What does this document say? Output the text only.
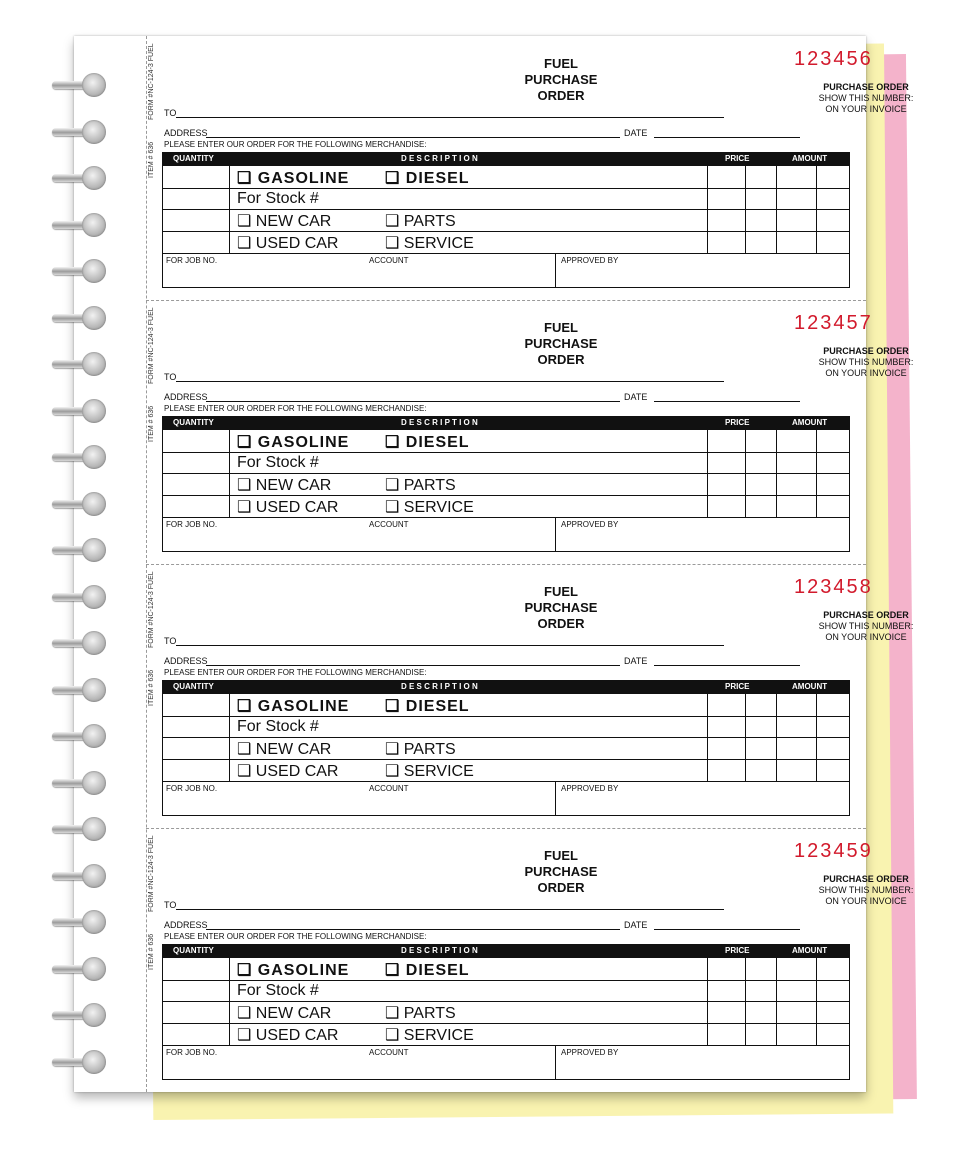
FUEL
PURCHASE
ORDER
123456
PURCHASE ORDER
SHOW THIS NUMBER:
ON YOUR INVOICE
TO
ADDRESS	DATE
PLEASE ENTER OUR ORDER FOR THE FOLLOWING MERCHANDISE:
FORM #NC-124-3 FUEL
ITEM # 636 QUANTITY	D E S C R I P T I O N	PRICE	AMOUNT
❑ GASOLINE ❑ DIESEL
For Stock #
❑ NEW CAR	❑ PARTS
❑ USED CAR	❑ SERVICE
FOR JOB NO.	ACCOUNT	APPROVED BY
FUEL
PURCHASE
ORDER
123457
PURCHASE ORDER
SHOW THIS NUMBER:
ON YOUR INVOICE
TO
ADDRESS	DATE
PLEASE ENTER OUR ORDER FOR THE FOLLOWING MERCHANDISE:
FORM #NC-124-3 FUEL
ITEM # 636 QUANTITY	D E S C R I P T I O N	PRICE	AMOUNT
❑ GASOLINE ❑ DIESEL
For Stock #
❑ NEW CAR	❑ PARTS
❑ USED CAR	❑ SERVICE
FOR JOB NO.	ACCOUNT	APPROVED BY
FUEL
PURCHASE
ORDER
123458
PURCHASE ORDER
SHOW THIS NUMBER:
ON YOUR INVOICE
TO
ADDRESS	DATE
PLEASE ENTER OUR ORDER FOR THE FOLLOWING MERCHANDISE:
FORM #NC-124-3 FUEL
ITEM # 636 QUANTITY	D E S C R I P T I O N	PRICE	AMOUNT
❑ GASOLINE ❑ DIESEL
For Stock #
❑ NEW CAR	❑ PARTS
❑ USED CAR	❑ SERVICE
FOR JOB NO.	ACCOUNT	APPROVED BY
FUEL
PURCHASE
ORDER
123459
PURCHASE ORDER
SHOW THIS NUMBER:
ON YOUR INVOICE
TO
ADDRESS	DATE
PLEASE ENTER OUR ORDER FOR THE FOLLOWING MERCHANDISE:
FORM #NC-124-3 FUEL
ITEM # 636 QUANTITY	D E S C R I P T I O N	PRICE	AMOUNT
❑ GASOLINE ❑ DIESEL
For Stock #
❑ NEW CAR	❑ PARTS
❑ USED CAR	❑ SERVICE
FOR JOB NO.	ACCOUNT	APPROVED BY
